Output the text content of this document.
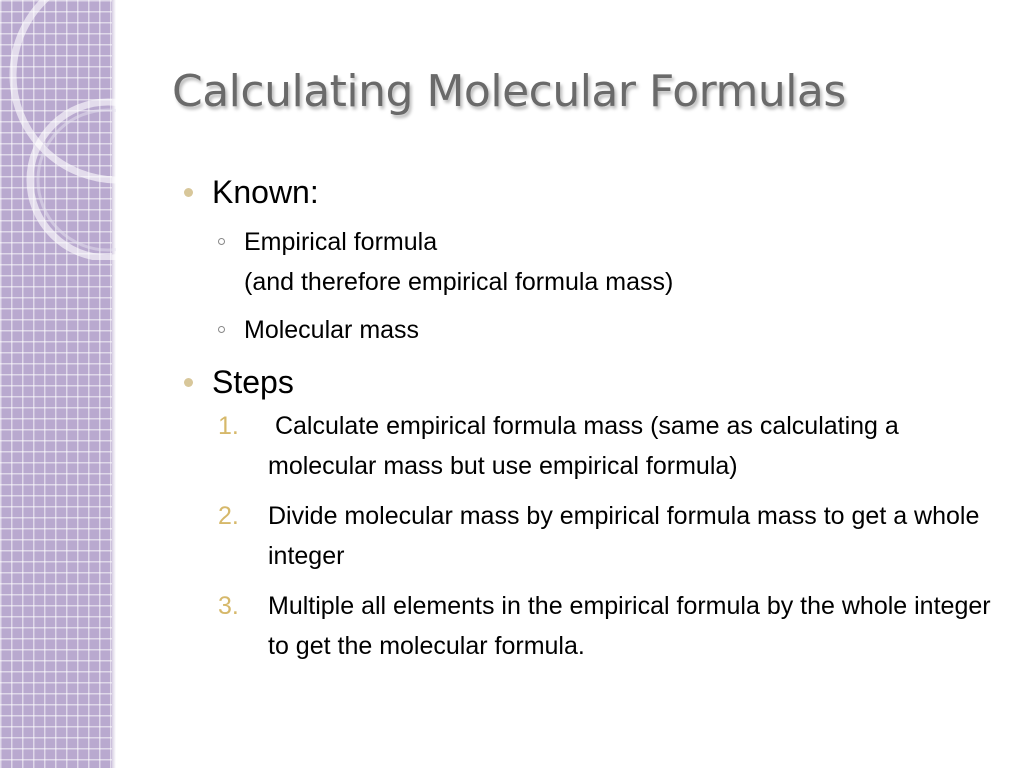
Calculating Molecular Formulas
Known:
Empirical formula
(and therefore empirical formula mass)
Molecular mass
Steps
1. Calculate empirical formula mass (same as calculating a molecular mass but use empirical formula)
2. Divide molecular mass by empirical formula mass to get a whole integer
3. Multiple all elements in the empirical formula by the whole integer to get the molecular formula.
